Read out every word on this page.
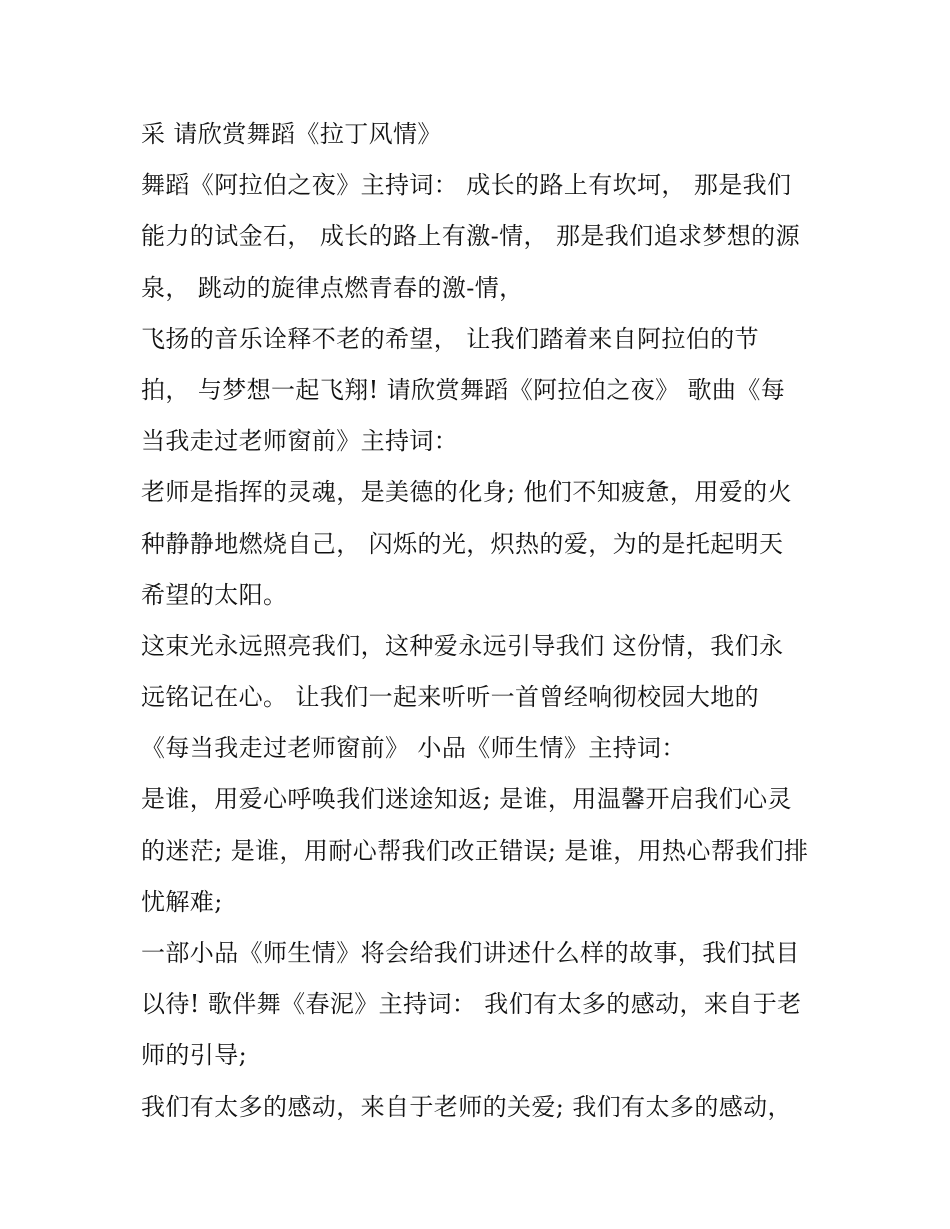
采 请欣赏舞蹈《拉丁风情》
舞蹈《阿拉伯之夜》主持词： 成长的路上有坎坷， 那是我们
能力的试金石， 成长的路上有激-情， 那是我们追求梦想的源
泉， 跳动的旋律点燃青春的激-情，
飞扬的音乐诠释不老的希望， 让我们踏着来自阿拉伯的节
拍， 与梦想一起飞翔! 请欣赏舞蹈《阿拉伯之夜》 歌曲《每
当我走过老师窗前》主持词：
老师是指挥的灵魂，是美德的化身; 他们不知疲惫，用爱的火
种静静地燃烧自己， 闪烁的光，炽热的爱，为的是托起明天
希望的太阳。
这束光永远照亮我们，这种爱永远引导我们 这份情，我们永
远铭记在心。 让我们一起来听听一首曾经响彻校园大地的
《每当我走过老师窗前》 小品《师生情》主持词：
是谁，用爱心呼唤我们迷途知返; 是谁，用温馨开启我们心灵
的迷茫; 是谁，用耐心帮我们改正错误; 是谁，用热心帮我们排
忧解难;
一部小品《师生情》将会给我们讲述什么样的故事，我们拭目
以待! 歌伴舞《春泥》主持词： 我们有太多的感动，来自于老
师的引导;
我们有太多的感动，来自于老师的关爱; 我们有太多的感动，
